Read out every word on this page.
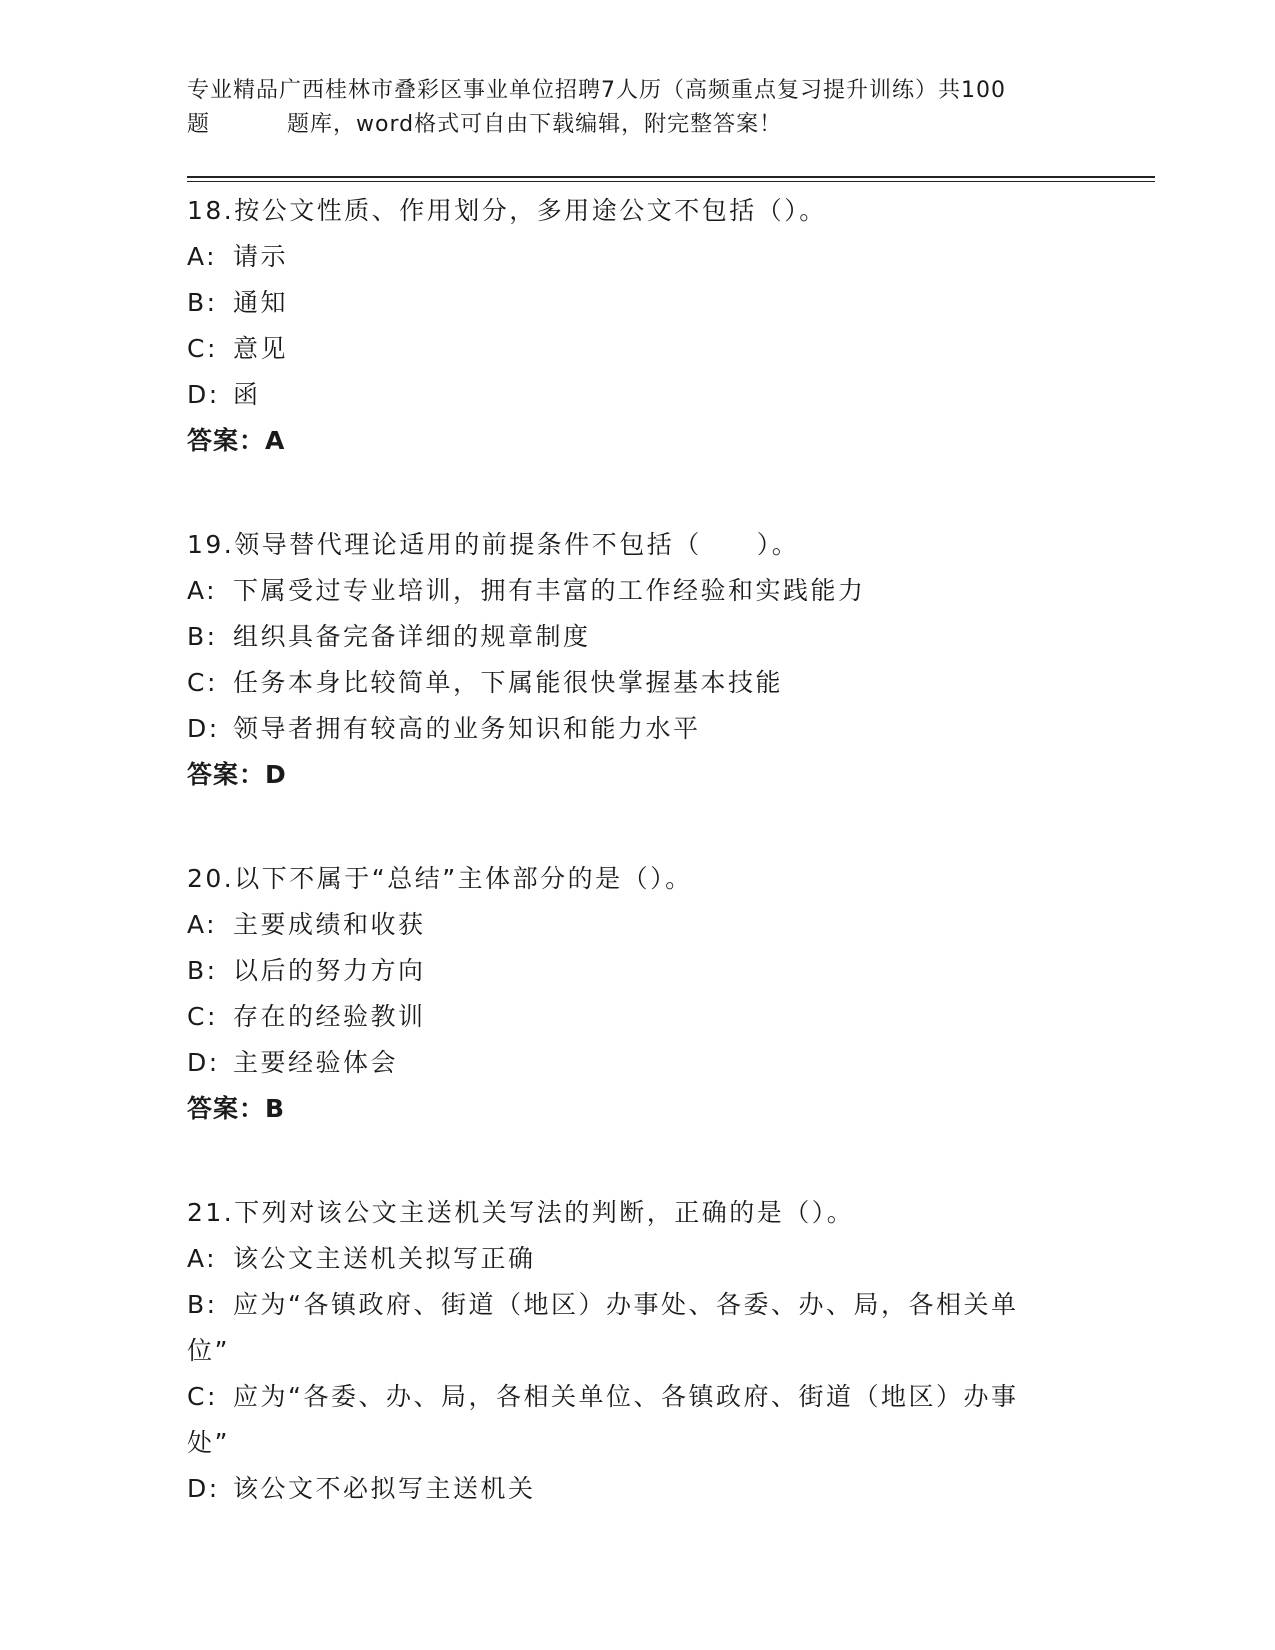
专业精品广西桂林市叠彩区事业单位招聘7人历（高频重点复习提升训练）共100
题	题库，word格式可自由下载编辑，附完整答案！
18.按公文性质、作用划分，多用途公文不包括（）。
A: 请示
B: 通知
C: 意见
D: 函
答案：A
19.领导替代理论适用的前提条件不包括（　　）。
A: 下属受过专业培训，拥有丰富的工作经验和实践能力
B: 组织具备完备详细的规章制度
C: 任务本身比较简单，下属能很快掌握基本技能
D: 领导者拥有较高的业务知识和能力水平
答案：D
20.以下不属于“总结”主体部分的是（）。
A: 主要成绩和收获
B: 以后的努力方向
C: 存在的经验教训
D: 主要经验体会
答案：B
21.下列对该公文主送机关写法的判断，正确的是（）。
A: 该公文主送机关拟写正确
B: 应为“各镇政府、街道（地区）办事处、各委、办、局，各相关单位”
C: 应为“各委、办、局，各相关单位、各镇政府、街道（地区）办事处”
D: 该公文不必拟写主送机关
